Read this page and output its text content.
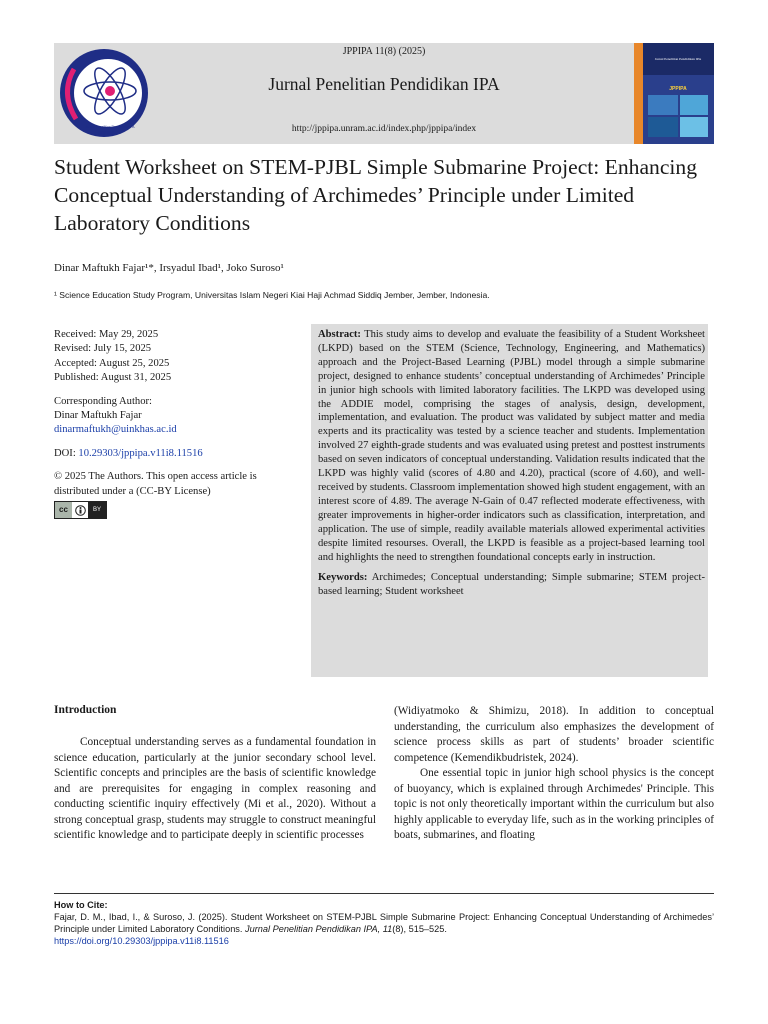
Jurnal Penelitian Pendidikan IPA
JPPIPA
JPPIPA 11(8) (2025)
Jurnal Penelitian Pendidikan IPA
http://jppipa.unram.ac.id/index.php/jppipa/index
Jurnal Penelitian Pendidikan IPA
JPPIPA
Student Worksheet on STEM-PJBL Simple Submarine Project: Enhancing Conceptual Understanding of Archimedes’ Principle under Limited Laboratory Conditions
Dinar Maftukh Fajar¹*, Irsyadul Ibad¹, Joko Suroso¹
¹ Science Education Study Program, Universitas Islam Negeri Kiai Haji Achmad Siddiq Jember, Jember, Indonesia.
Received: May 29, 2025
Revised: July 15, 2025
Accepted: August 25, 2025
Published: August 31, 2025
Corresponding Author:
Dinar Maftukh Fajar
dinarmaftukh@uinkhas.ac.id
DOI: 10.29303/jppipa.v11i8.11516
© 2025 The Authors. This open access article is distributed under a (CC-BY License)
cc	BY
Abstract: This study aims to develop and evaluate the feasibility of a Student Worksheet (LKPD) based on the STEM (Science, Technology, Engineering, and Mathematics) approach and the Project-Based Learning (PJBL) model through a simple submarine project, designed to enhance students’ conceptual understanding of Archimedes’ Principle in junior high schools with limited laboratory facilities. The LKPD was developed using the ADDIE model, comprising the stages of analysis, design, development, implementation, and evaluation. The product was validated by subject matter and media experts and its practicality was tested by a science teacher and students. Implementation involved 27 eighth-grade students and was evaluated using pretest and posttest instruments based on seven indicators of conceptual understanding. Validation results indicated that the LKPD was highly valid (scores of 4.80 and 4.20), practical (score of 4.60), and well-received by students. Classroom implementation showed high student engagement, with an interest score of 4.89. The average N-Gain of 0.47 reflected moderate effectiveness, with greater improvements in higher-order indicators such as classification, interpretation, and application. The use of simple, readily available materials allowed experimental activities despite limited resourses. Overall, the LKPD is feasible as a project-based learning tool and highlights the need to strengthen foundational concepts early in instruction.
Keywords: Archimedes; Conceptual understanding; Simple submarine; STEM project-based learning; Student worksheet
Introduction

Conceptual understanding serves as a fundamental foundation in science education, particularly at the junior secondary school level. Scientific concepts and principles are the basis of scientific knowledge and are prerequisites for engaging in complex reasoning and conducting scientific inquiry effectively (Mi et al., 2020). Without a strong conceptual grasp, students may struggle to construct meaningful scientific knowledge and to participate deeply in scientific processes

(Widiyatmoko & Shimizu, 2018). In addition to conceptual understanding, the curriculum also emphasizes the development of science process skills as part of students’ broader scientific competence (Kemendikbudristek, 2024).

One essential topic in junior high school physics is the concept of buoyancy, which is explained through Archimedes' Principle. This topic is not only theoretically important within the curriculum but also highly applicable to everyday life, such as in the working principles of boats, submarines, and floating

How to Cite:
Fajar, D. M., Ibad, I., & Suroso, J. (2025). Student Worksheet on STEM-PJBL Simple Submarine Project: Enhancing Conceptual Understanding of Archimedes’ Principle under Limited Laboratory Conditions. Jurnal Penelitian Pendidikan IPA, 11(8), 515–525.
https://doi.org/10.29303/jppipa.v11i8.11516
